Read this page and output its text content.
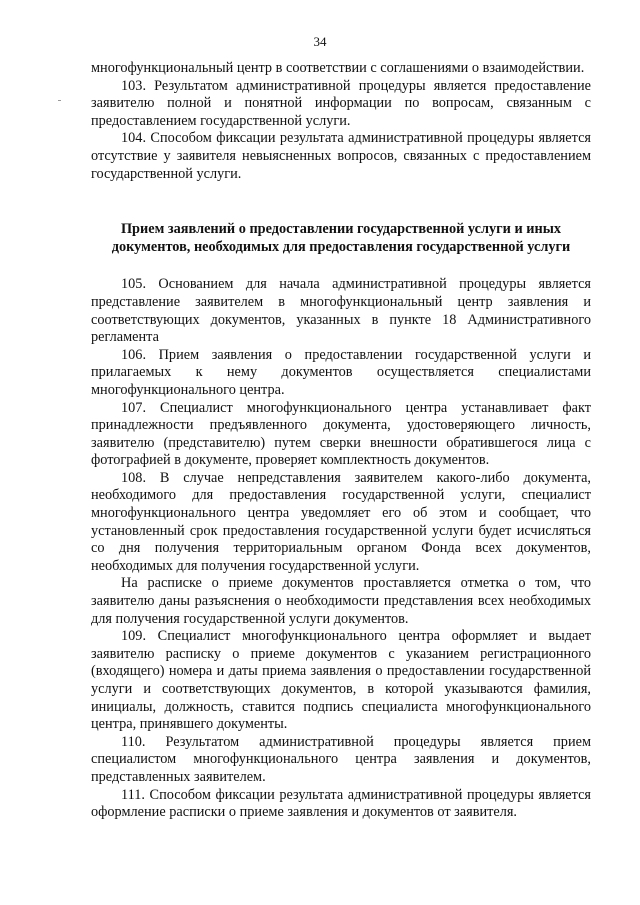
34

многофункциональный центр в соответствии с соглашениями о взаимодействии.

103. Результатом административной процедуры является предоставление заявителю полной и понятной информации по вопросам, связанным с предоставлением государственной услуги.

104. Способом фиксации результата административной процедуры является отсутствие у заявителя невыясненных вопросов, связанных с предоставлением государственной услуги.

Прием заявлений о предоставлении государственной услуги и иных документов, необходимых для предоставления государственной услуги

105. Основанием для начала административной процедуры является представление заявителем в многофункциональный центр заявления и соответствующих документов, указанных в пункте 18 Административного регламента

106. Прием заявления о предоставлении государственной услуги и прилагаемых к нему документов осуществляется специалистами многофункционального центра.

107. Специалист многофункционального центра устанавливает факт принадлежности предъявленного документа, удостоверяющего личность, заявителю (представителю) путем сверки внешности обратившегося лица с фотографией в документе, проверяет комплектность документов.

108. В случае непредставления заявителем какого-либо документа, необходимого для предоставления государственной услуги, специалист многофункционального центра уведомляет его об этом и сообщает, что установленный срок предоставления государственной услуги будет исчисляться со дня получения территориальным органом Фонда всех документов, необходимых для получения государственной услуги.

На расписке о приеме документов проставляется отметка о том, что заявителю даны разъяснения о необходимости представления всех необходимых для получения государственной услуги документов.

109. Специалист многофункционального центра оформляет и выдает заявителю расписку о приеме документов с указанием регистрационного (входящего) номера и даты приема заявления о предоставлении государственной услуги и соответствующих документов, в которой указываются фамилия, инициалы, должность, ставится подпись специалиста многофункционального центра, принявшего документы.

110. Результатом административной процедуры является прием специалистом многофункционального центра заявления и документов, представленных заявителем.

111. Способом фиксации результата административной процедуры является оформление расписки о приеме заявления и документов от заявителя.
